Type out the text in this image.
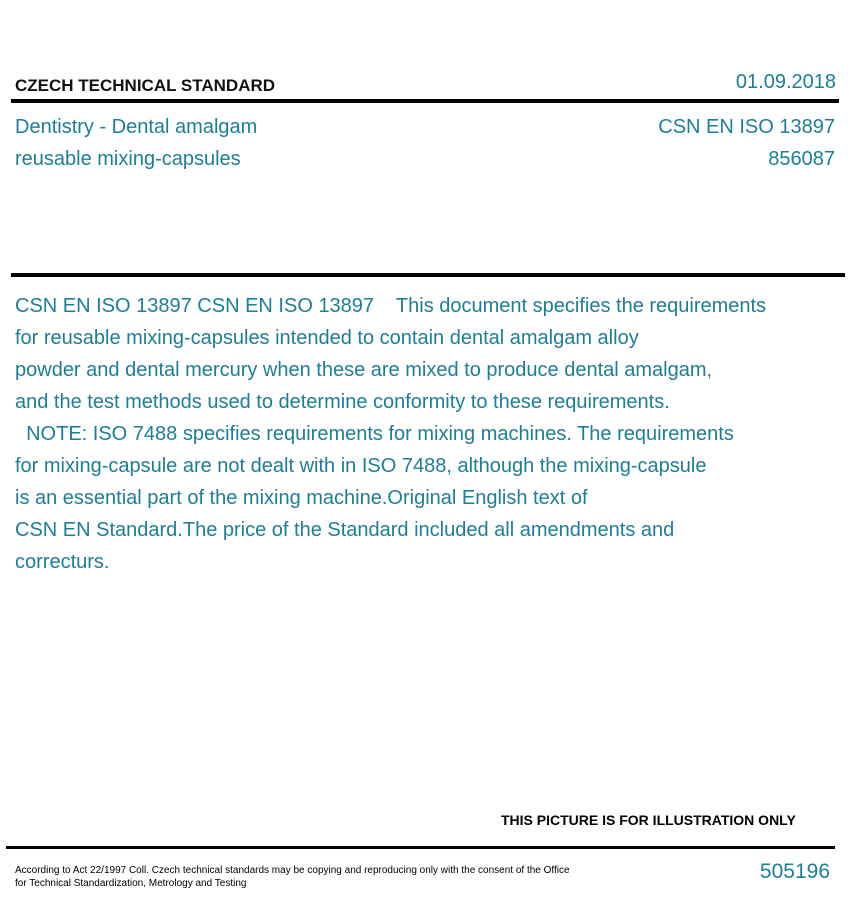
CZECH TECHNICAL STANDARD	01.09.2018
Dentistry - Dental amalgam
reusable mixing-capsules
CSN EN ISO 13897
856087
CSN EN ISO 13897 CSN EN ISO 13897    This document specifies the requirements
for reusable mixing-capsules intended to contain dental amalgam alloy
powder and dental mercury when these are mixed to produce dental amalgam,
and the test methods used to determine conformity to these requirements.
NOTE: ISO 7488 specifies requirements for mixing machines. The requirements
for mixing-capsule are not dealt with in ISO 7488, although the mixing-capsule
is an essential part of the mixing machine.Original English text of
CSN EN Standard.The price of the Standard included all amendments and
correcturs.
THIS PICTURE IS FOR ILLUSTRATION ONLY
According to Act 22/1997 Coll. Czech technical standards may be copying and reproducing only with the consent of the Office
for Technical Standardization, Metrology and Testing
505196
